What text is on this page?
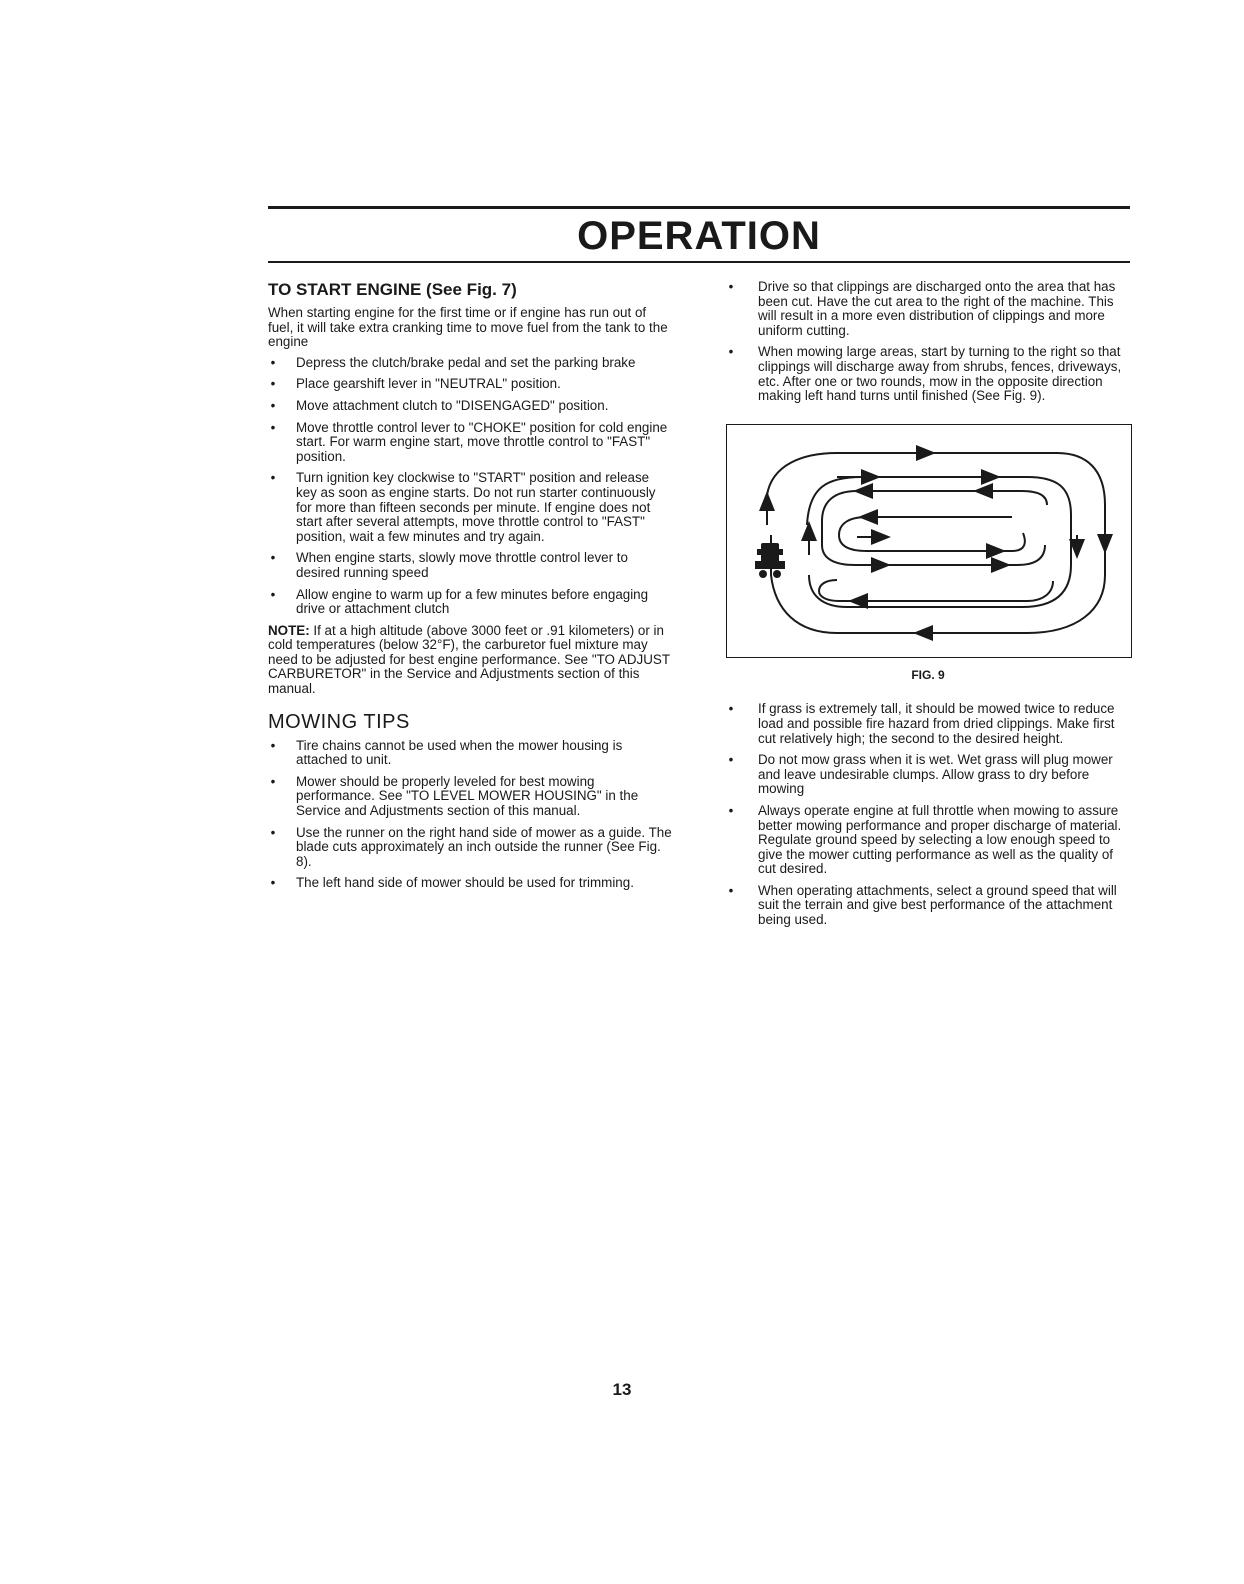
OPERATION
TO START ENGINE (See Fig. 7)

When starting engine for the first time or if engine has run out of fuel, it will take extra cranking time to move fuel from the tank to the engine

• Depress the clutch/brake pedal and set the parking brake
• Place gearshift lever in "NEUTRAL" position.
• Move attachment clutch to "DISENGAGED" position.
• Move throttle control lever to "CHOKE" position for cold engine start. For warm engine start, move throttle control to "FAST" position.
• Turn ignition key clockwise to "START" position and release key as soon as engine starts. Do not run starter continuously for more than fifteen seconds per minute. If engine does not start after several attempts, move throttle control to "FAST" position, wait a few minutes and try again.
• When engine starts, slowly move throttle control lever to desired running speed
• Allow engine to warm up for a few minutes before engaging drive or attachment clutch

NOTE: If at a high altitude (above 3000 feet or .91 kilometers) or in cold temperatures (below 32°F), the carburetor fuel mixture may need to be adjusted for best engine performance. See "TO ADJUST CARBURETOR" in the Service and Adjustments section of this manual.

MOWING TIPS
• Tire chains cannot be used when the mower housing is attached to unit.
• Mower should be properly leveled for best mowing performance. See "TO LEVEL MOWER HOUSING" in the Service and Adjustments section of this manual.
• Use the runner on the right hand side of mower as a guide. The blade cuts approximately an inch outside the runner (See Fig. 8).
• The left hand side of mower should be used for trimming.
• Drive so that clippings are discharged onto the area that has been cut. Have the cut area to the right of the machine. This will result in a more even distribution of clippings and more uniform cutting.
• When mowing large areas, start by turning to the right so that clippings will discharge away from shrubs, fences, driveways, etc. After one or two rounds, mow in the opposite direction making left hand turns until finished (See Fig. 9).
FIG. 9
• If grass is extremely tall, it should be mowed twice to reduce load and possible fire hazard from dried clippings. Make first cut relatively high; the second to the desired height.
• Do not mow grass when it is wet. Wet grass will plug mower and leave undesirable clumps. Allow grass to dry before mowing
• Always operate engine at full throttle when mowing to assure better mowing performance and proper discharge of material. Regulate ground speed by selecting a low enough speed to give the mower cutting performance as well as the quality of cut desired.
• When operating attachments, select a ground speed that will suit the terrain and give best performance of the attachment being used.
13
